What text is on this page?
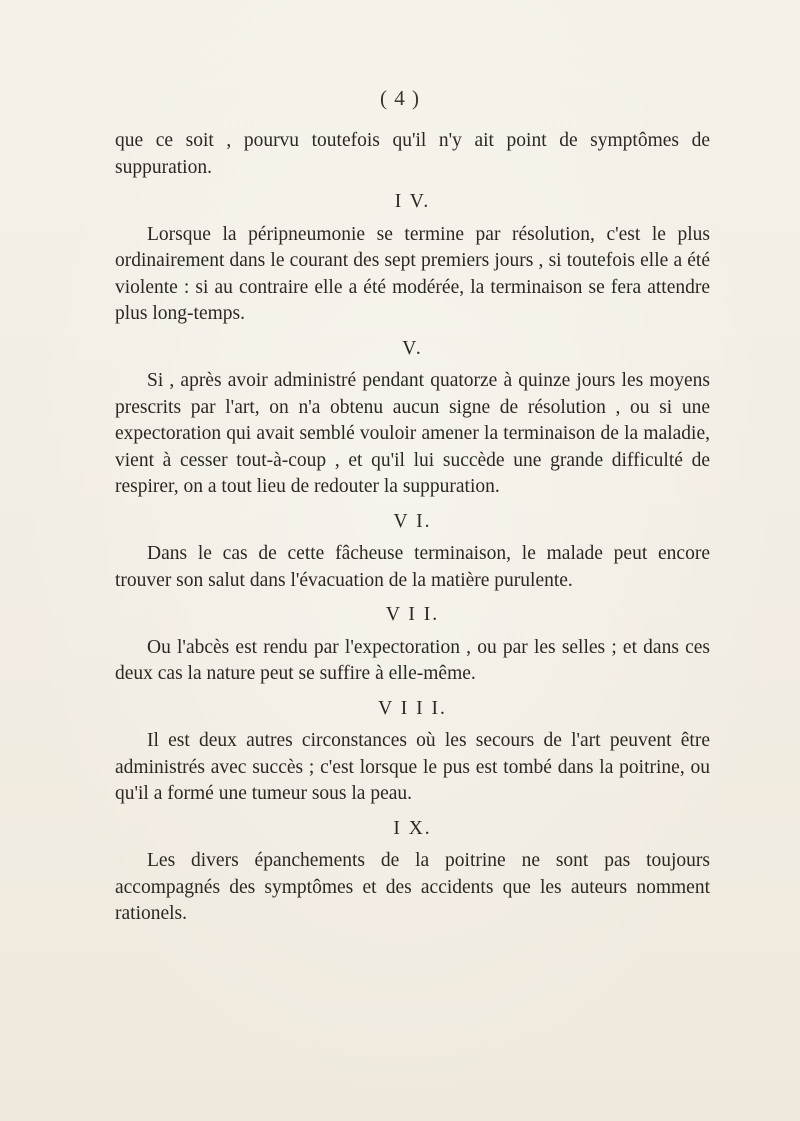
( 4 )

que ce soit , pourvu toutefois qu'il n'y ait point de symptômes de suppuration.

I V.

Lorsque la péripneumonie se termine par résolution, c'est le plus ordinairement dans le courant des sept premiers jours , si toutefois elle a été violente : si au contraire elle a été modérée, la terminaison se fera attendre plus long-temps.

V.

Si , après avoir administré pendant quatorze à quinze jours les moyens prescrits par l'art, on n'a obtenu aucun signe de résolution , ou si une expectoration qui avait semblé vouloir amener la terminaison de la maladie, vient à cesser tout-à-coup , et qu'il lui succède une grande difficulté de respirer, on a tout lieu de redouter la suppuration.

V I.

Dans le cas de cette fâcheuse terminaison, le malade peut encore trouver son salut dans l'évacuation de la matière purulente.

V I I.

Ou l'abcès est rendu par l'expectoration , ou par les selles ; et dans ces deux cas la nature peut se suffire à elle-même.

V I I I.

Il est deux autres circonstances où les secours de l'art peuvent être administrés avec succès ; c'est lorsque le pus est tombé dans la poitrine, ou qu'il a formé une tumeur sous la peau.

I X.

Les divers épanchements de la poitrine ne sont pas toujours accompagnés des symptômes et des accidents que les auteurs nomment rationels.
